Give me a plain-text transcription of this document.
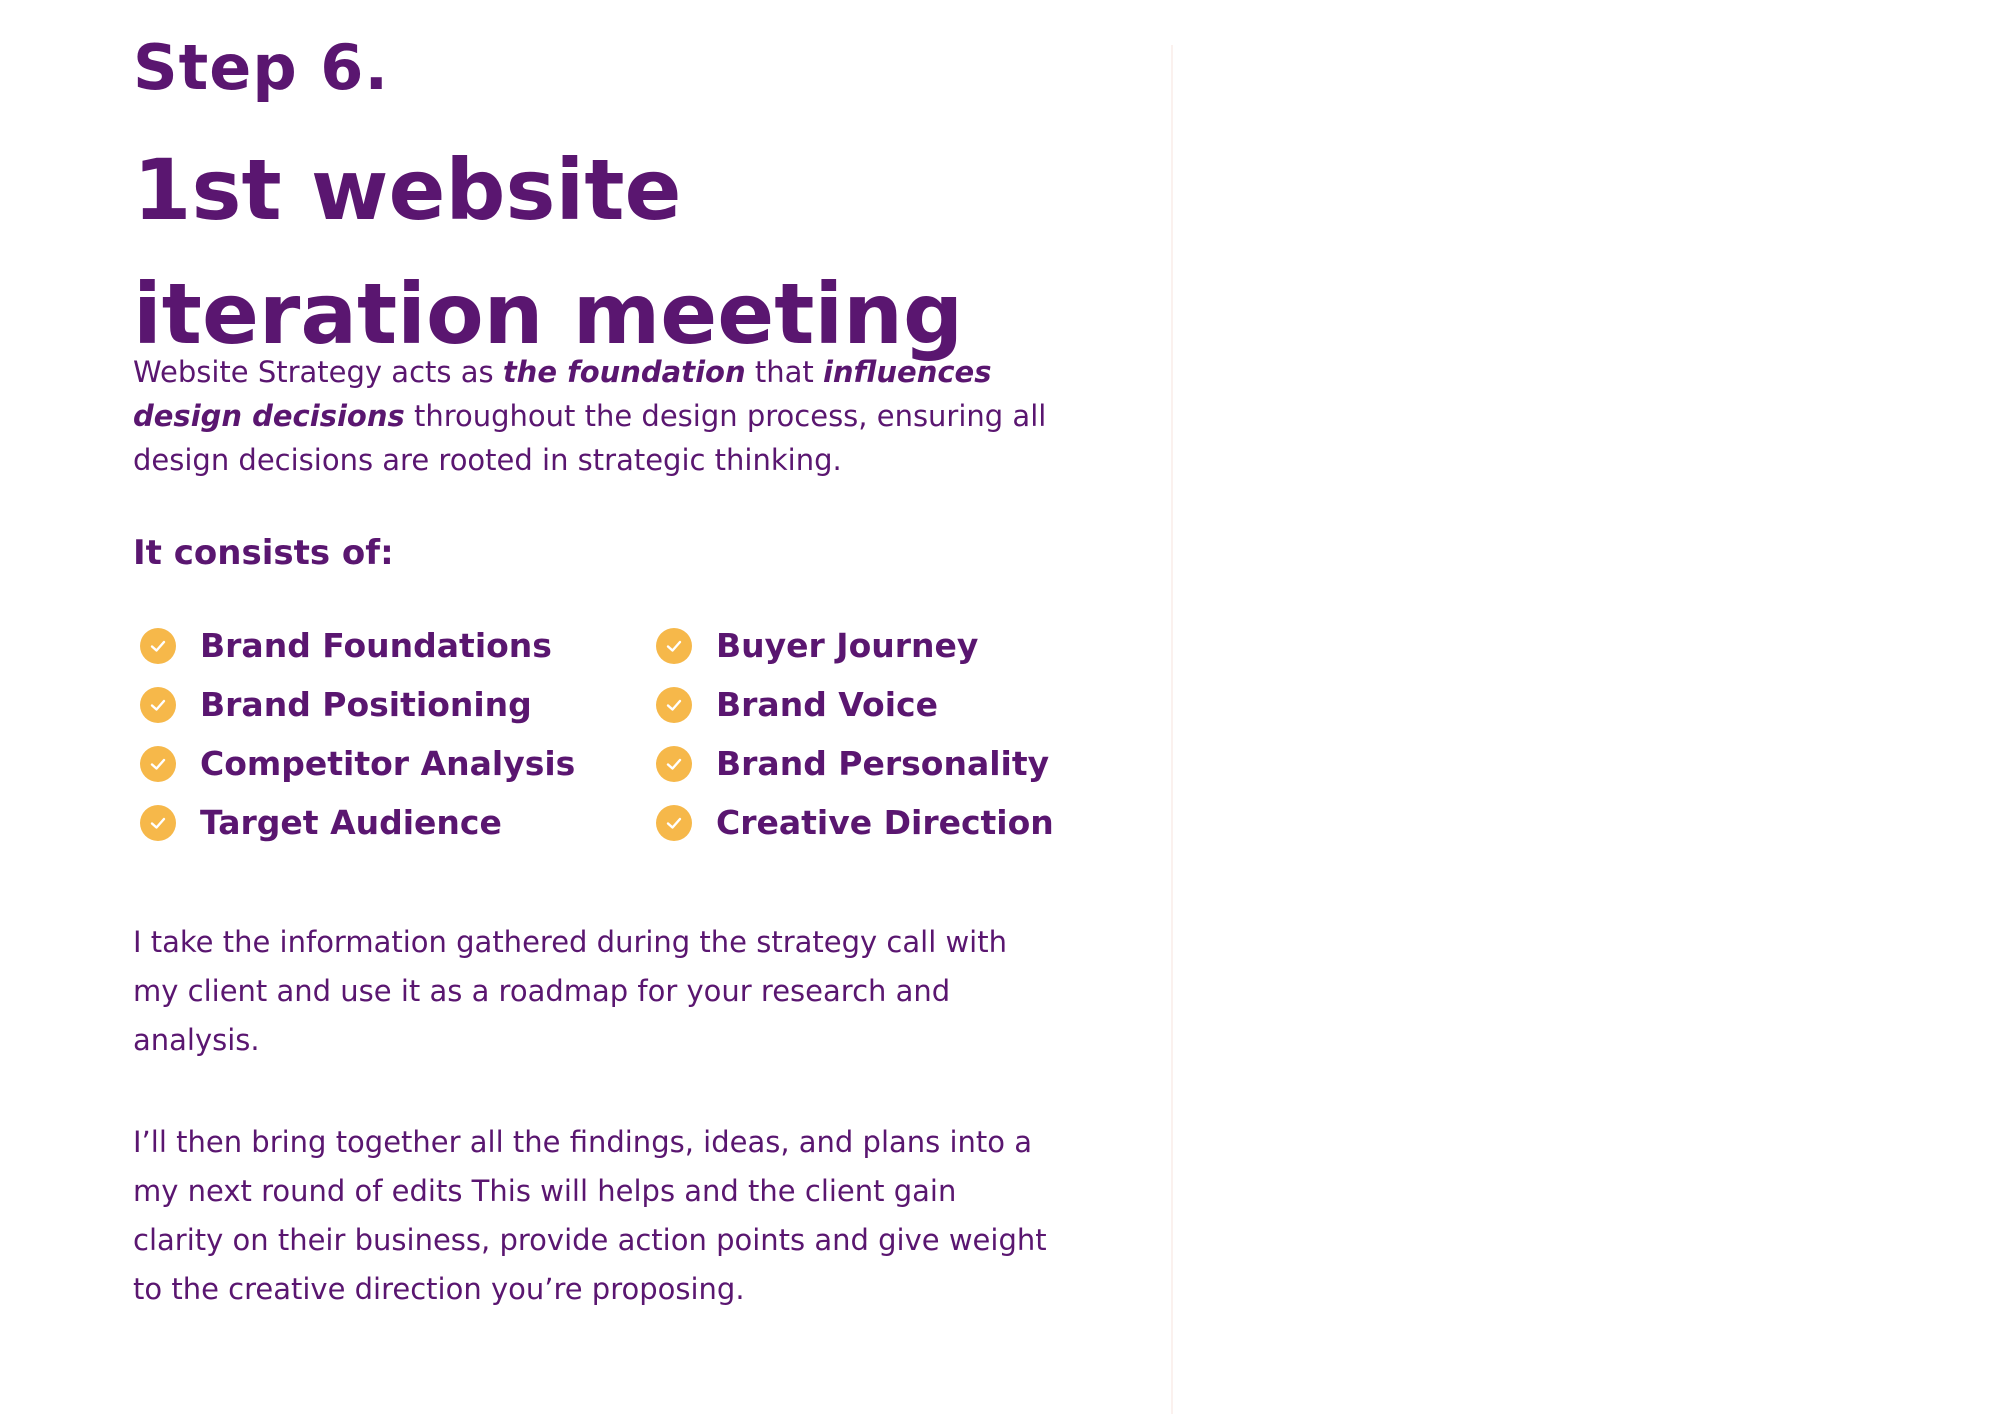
Step 6.
1st website
iteration meeting

Website Strategy acts as the foundation that influences design decisions throughout the design process, ensuring all design decisions are rooted in strategic thinking.

It consists of:
Brand Foundations
Brand Positioning
Competitor Analysis
Target Audience
Buyer Journey
Brand Voice
Brand Personality
Creative Direction

I take the information gathered during the strategy call with my client and use it as a roadmap for your research and analysis.

I’ll then bring together all the findings, ideas, and plans into a my next round of edits This will helps and the client gain clarity on their business, provide action points and give weight to the creative direction you’re proposing.
